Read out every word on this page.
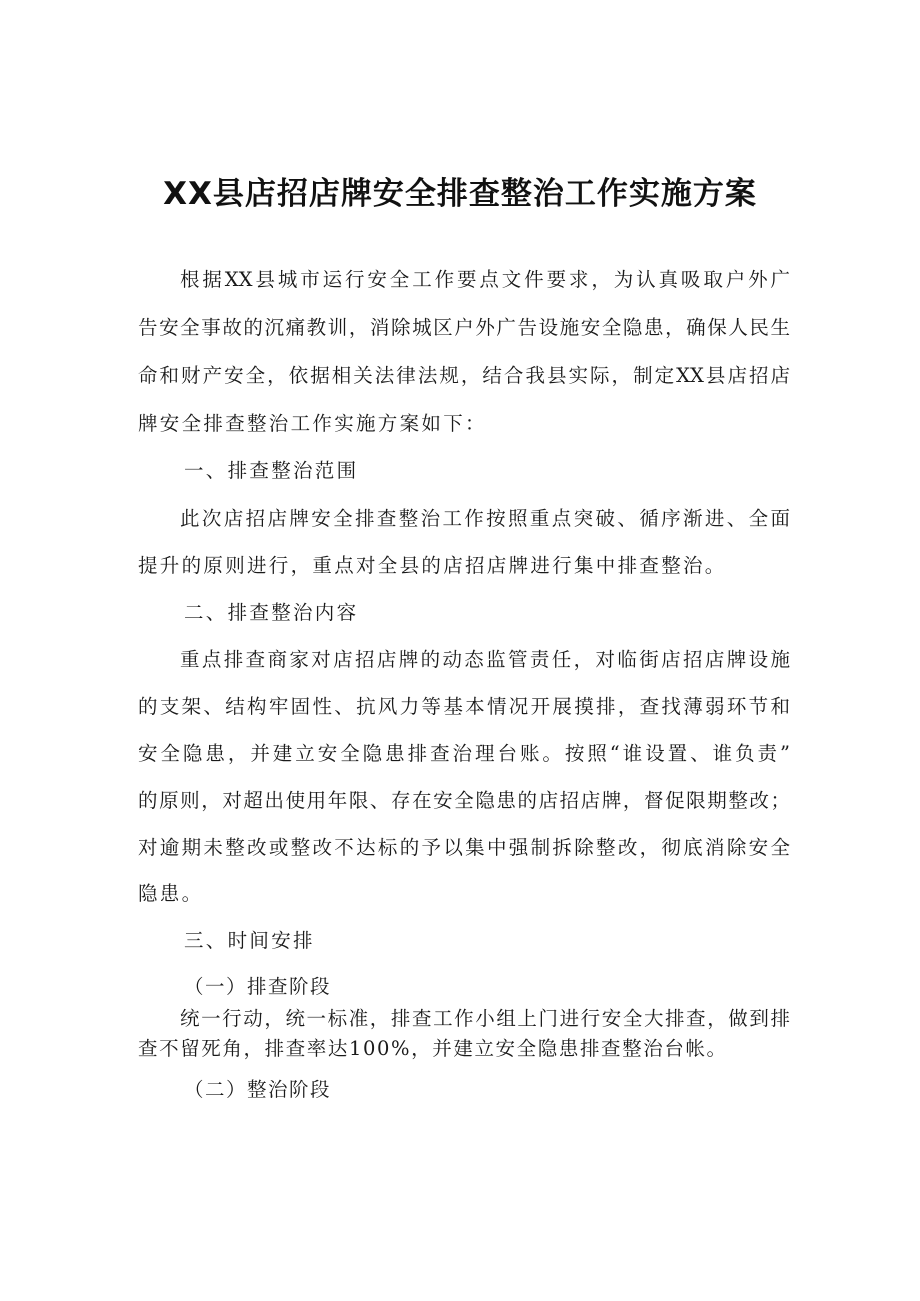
XX县店招店牌安全排查整治工作实施方案
根据XX县城市运行安全工作要点文件要求，为认真吸取户外广
告安全事故的沉痛教训，消除城区户外广告设施安全隐患，确保人民生
命和财产安全，依据相关法律法规，结合我县实际，制定XX县店招店
牌安全排查整治工作实施方案如下：
一、排查整治范围
此次店招店牌安全排查整治工作按照重点突破、循序渐进、全面
提升的原则进行，重点对全县的店招店牌进行集中排查整治。
二、排查整治内容
重点排查商家对店招店牌的动态监管责任，对临街店招店牌设施
的支架、结构牢固性、抗风力等基本情况开展摸排，查找薄弱环节和
安全隐患，并建立安全隐患排查治理台账。按照“谁设置、谁负责”
的原则，对超出使用年限、存在安全隐患的店招店牌，督促限期整改；
对逾期未整改或整改不达标的予以集中强制拆除整改，彻底消除安全
隐患。
三、时间安排
（一）排查阶段
统一行动，统一标准，排查工作小组上门进行安全大排查，做到排
查不留死角，排查率达100%，并建立安全隐患排查整治台帐。
（二）整治阶段
